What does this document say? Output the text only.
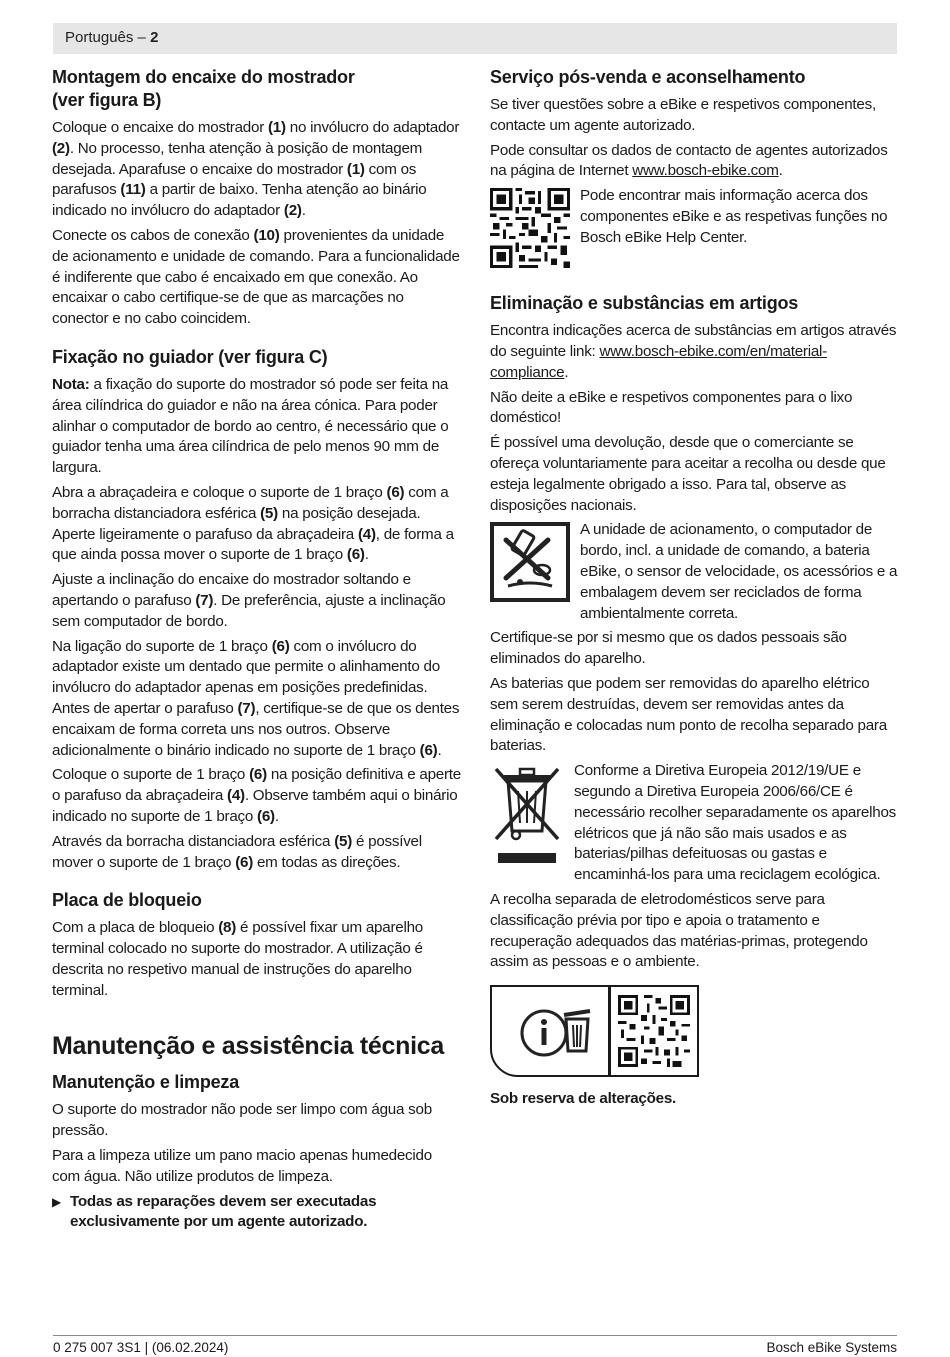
Português – 2
Montagem do encaixe do mostrador
(ver figura B)

Coloque o encaixe do mostrador (1) no invólucro do adaptador (2). No processo, tenha atenção à posição de montagem desejada. Aparafuse o encaixe do mostrador (1) com os parafusos (11) a partir de baixo. Tenha atenção ao binário indicado no invólucro do adaptador (2).

Conecte os cabos de conexão (10) provenientes da unidade de acionamento e unidade de comando. Para a funcionalidade é indiferente que cabo é encaixado em que conexão. Ao encaixar o cabo certifique-se de que as marcações no conector e no cabo coincidem.

Fixação no guiador (ver figura C)

Nota: a fixação do suporte do mostrador só pode ser feita na área cilíndrica do guiador e não na área cónica. Para poder alinhar o computador de bordo ao centro, é necessário que o guiador tenha uma área cilíndrica de pelo menos 90 mm de largura.

Abra a abraçadeira e coloque o suporte de 1 braço (6) com a borracha distanciadora esférica (5) na posição desejada. Aperte ligeiramente o parafuso da abraçadeira (4), de forma a que ainda possa mover o suporte de 1 braço (6).

Ajuste a inclinação do encaixe do mostrador soltando e apertando o parafuso (7). De preferência, ajuste a inclinação sem computador de bordo.

Na ligação do suporte de 1 braço (6) com o invólucro do adaptador existe um dentado que permite o alinhamento do invólucro do adaptador apenas em posições predefinidas. Antes de apertar o parafuso (7), certifique-se de que os dentes encaixam de forma correta uns nos outros. Observe adicionalmente o binário indicado no suporte de 1 braço (6).

Coloque o suporte de 1 braço (6) na posição definitiva e aperte o parafuso da abraçadeira (4). Observe também aqui o binário indicado no suporte de 1 braço (6).

Através da borracha distanciadora esférica (5) é possível mover o suporte de 1 braço (6) em todas as direções.

Placa de bloqueio

Com a placa de bloqueio (8) é possível fixar um aparelho terminal colocado no suporte do mostrador. A utilização é descrita no respetivo manual de instruções do aparelho terminal.

Manutenção e assistência técnica
Manutenção e limpeza

O suporte do mostrador não pode ser limpo com água sob pressão.

Para a limpeza utilize um pano macio apenas humedecido com água. Não utilize produtos de limpeza.

▶ Todas as reparações devem ser executadas exclusivamente por um agente autorizado.
Serviço pós-venda e aconselhamento

Se tiver questões sobre a eBike e respetivos componentes, contacte um agente autorizado.

Pode consultar os dados de contacto de agentes autorizados na página de Internet www.bosch-ebike.com.

Pode encontrar mais informação acerca dos componentes eBike e as respetivas funções no Bosch eBike Help Center.
Eliminação e substâncias em artigos

Encontra indicações acerca de substâncias em artigos através do seguinte link: www.bosch-ebike.com/en/material-compliance.

Não deite a eBike e respetivos componentes para o lixo doméstico!

É possível uma devolução, desde que o comerciante se ofereça voluntariamente para aceitar a recolha ou desde que esteja legalmente obrigado a isso. Para tal, observe as disposições nacionais.

A unidade de acionamento, o computador de bordo, incl. a unidade de comando, a bateria eBike, o sensor de velocidade, os acessórios e a embalagem devem ser reciclados de forma ambientalmente correta.

Certifique-se por si mesmo que os dados pessoais são eliminados do aparelho.

As baterias que podem ser removidas do aparelho elétrico sem serem destruídas, devem ser removidas antes da eliminação e colocadas num ponto de recolha separado para baterias.

Conforme a Diretiva Europeia 2012/19/UE e segundo a Diretiva Europeia 2006/66/CE é necessário recolher separadamente os aparelhos elétricos que já não são mais usados e as baterias/pilhas defeituosas ou gastas e encaminhá-los para uma reciclagem ecológica.

A recolha separada de eletrodomésticos serve para classificação prévia por tipo e apoia o tratamento e recuperação adequados das matérias-primas, protegendo assim as pessoas e o ambiente.

Sob reserva de alterações.

0 275 007 3S1 | (06.02.2024)	Bosch eBike Systems
